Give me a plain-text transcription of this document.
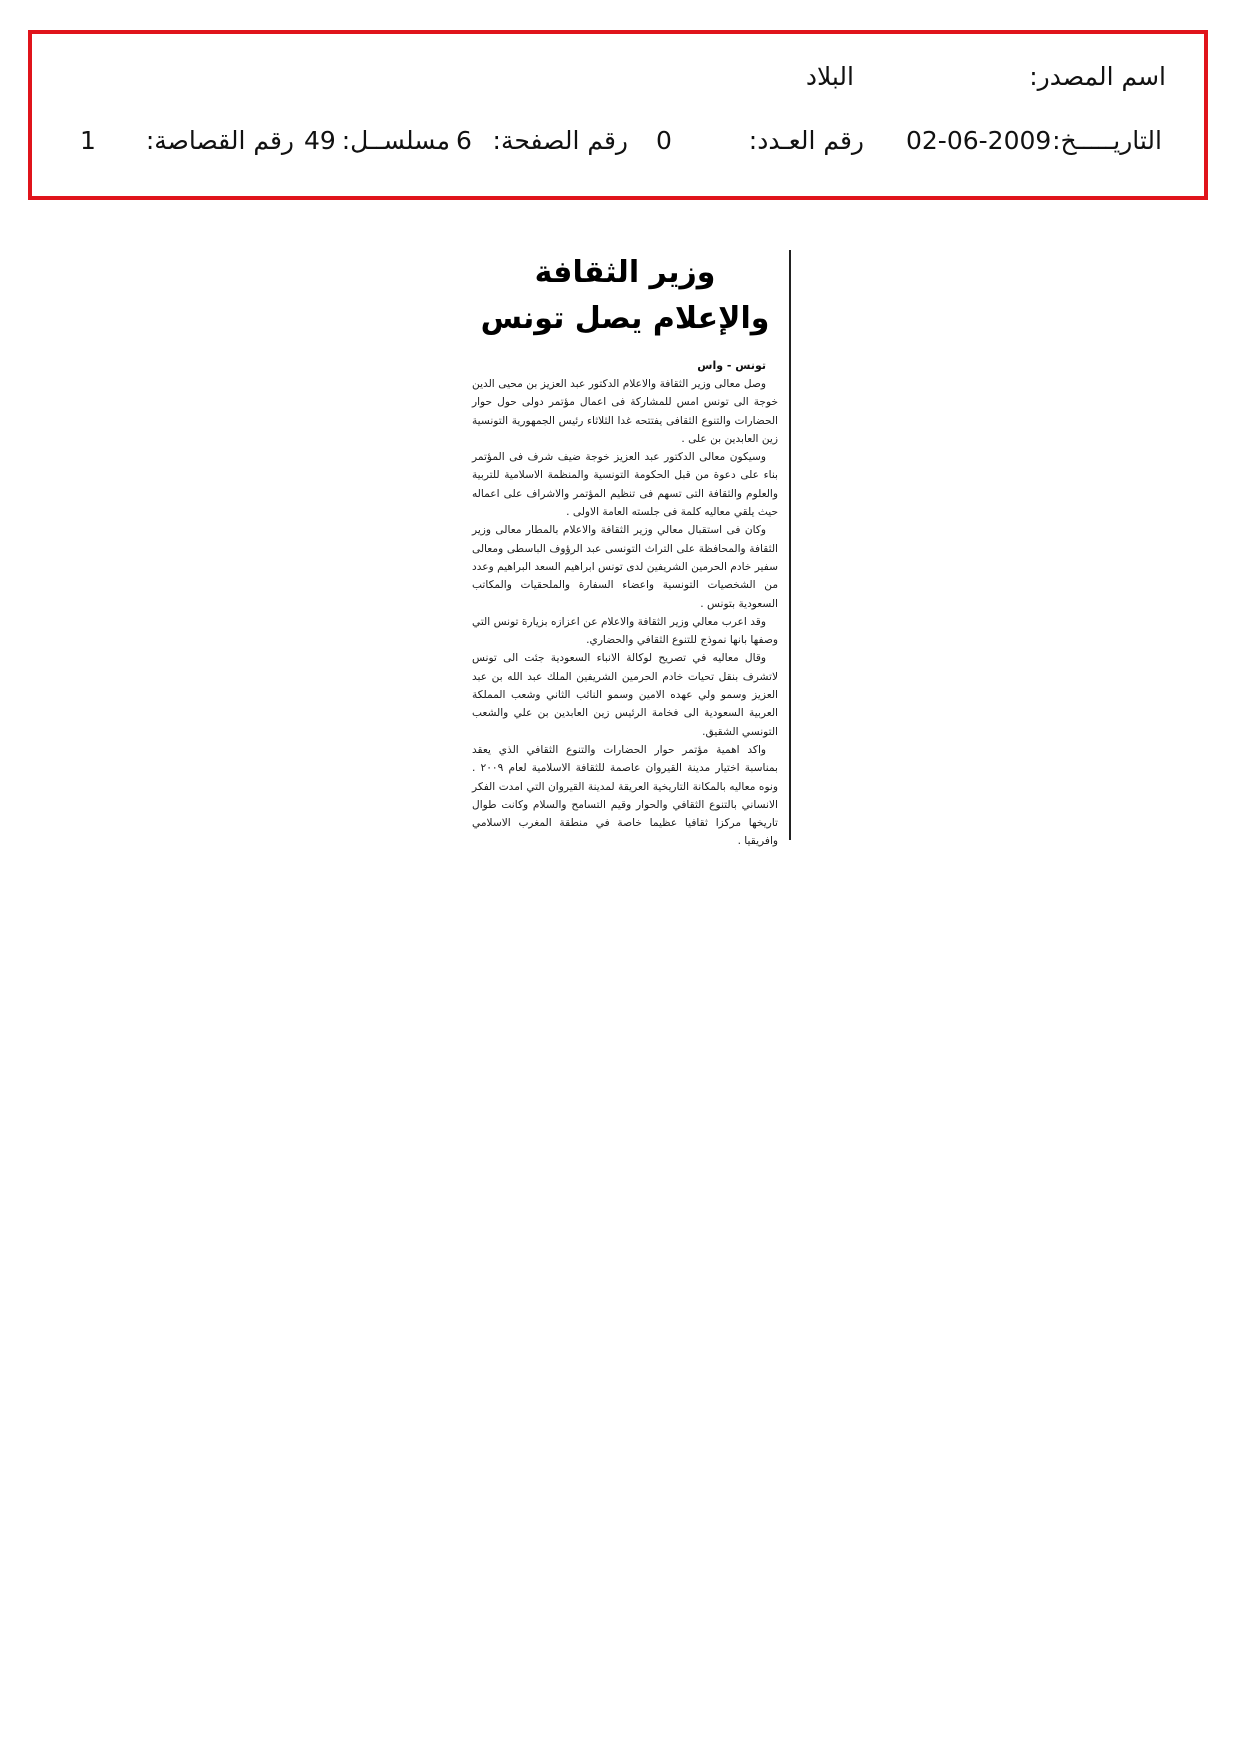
اسم المصدر:
البلاد
التاريـــــخ:
02-06-2009
رقم العـدد:
0
رقم الصفحة:
6
مسلســل:
49
رقم القصاصة:
1
وزير الثقافة والإعلام يصل تونس
تونس - واس

وصل معالى وزير الثقافة والاعلام الدكتور عبد العزيز بن محيى الدين خوجة الى تونس امس للمشاركة فى اعمال مؤتمر دولى حول حوار الحضارات والتنوع الثقافى يفتتحه غدا الثلاثاء رئيس الجمهورية التونسية زين العابدين بن على .

وسيكون معالى الدكتور عبد العزيز خوجة ضيف شرف فى المؤتمر بناء على دعوة من قبل الحكومة التونسية والمنظمة الاسلامية للتربية والعلوم والثقافة التى تسهم فى تنظيم المؤتمر والاشراف على اعماله حيث يلقي معاليه كلمة فى جلسته العامة الاولى .

وكان فى استقبال معالي وزير الثقافة والاعلام بالمطار معالى وزير الثقافة والمحافظة على التراث التونسى عبد الرؤوف الباسطى ومعالى سفير خادم الحرمين الشريفين لدى تونس ابراهيم السعد البراهيم وعدد من الشخصيات التونسية واعضاء السفارة والملحقيات والمكاتب السعودية بتونس .

وقد اعرب معالي وزير الثقافة والاعلام عن اعزازه بزيارة تونس التي وصفها بانها نموذج للتنوع الثقافي والحضاري.

وقال معاليه في تصريح لوكالة الانباء السعودية جئت الى تونس لاتشرف بنقل تحيات خادم الحرمين الشريفين الملك عبد الله بن عبد العزيز وسمو ولي عهده الامين وسمو النائب الثاني وشعب المملكة العربية السعودية الى فخامة الرئيس زين العابدين بن علي والشعب التونسي الشقيق.

واكد اهمية مؤتمر حوار الحضارات والتنوع الثقافي الذي يعقد بمناسبة اختيار مدينة القيروان عاصمة للثقافة الاسلامية لعام ٢٠٠٩ . ونوه معاليه بالمكانة التاريخية العريقة لمدينة القيروان التي امدت الفكر الانساني بالتنوع الثقافي والحوار وقيم التسامح والسلام وكانت طوال تاريخها مركزا ثقافيا عظيما خاصة في منطقة المغرب الاسلامي وافريقيا .
